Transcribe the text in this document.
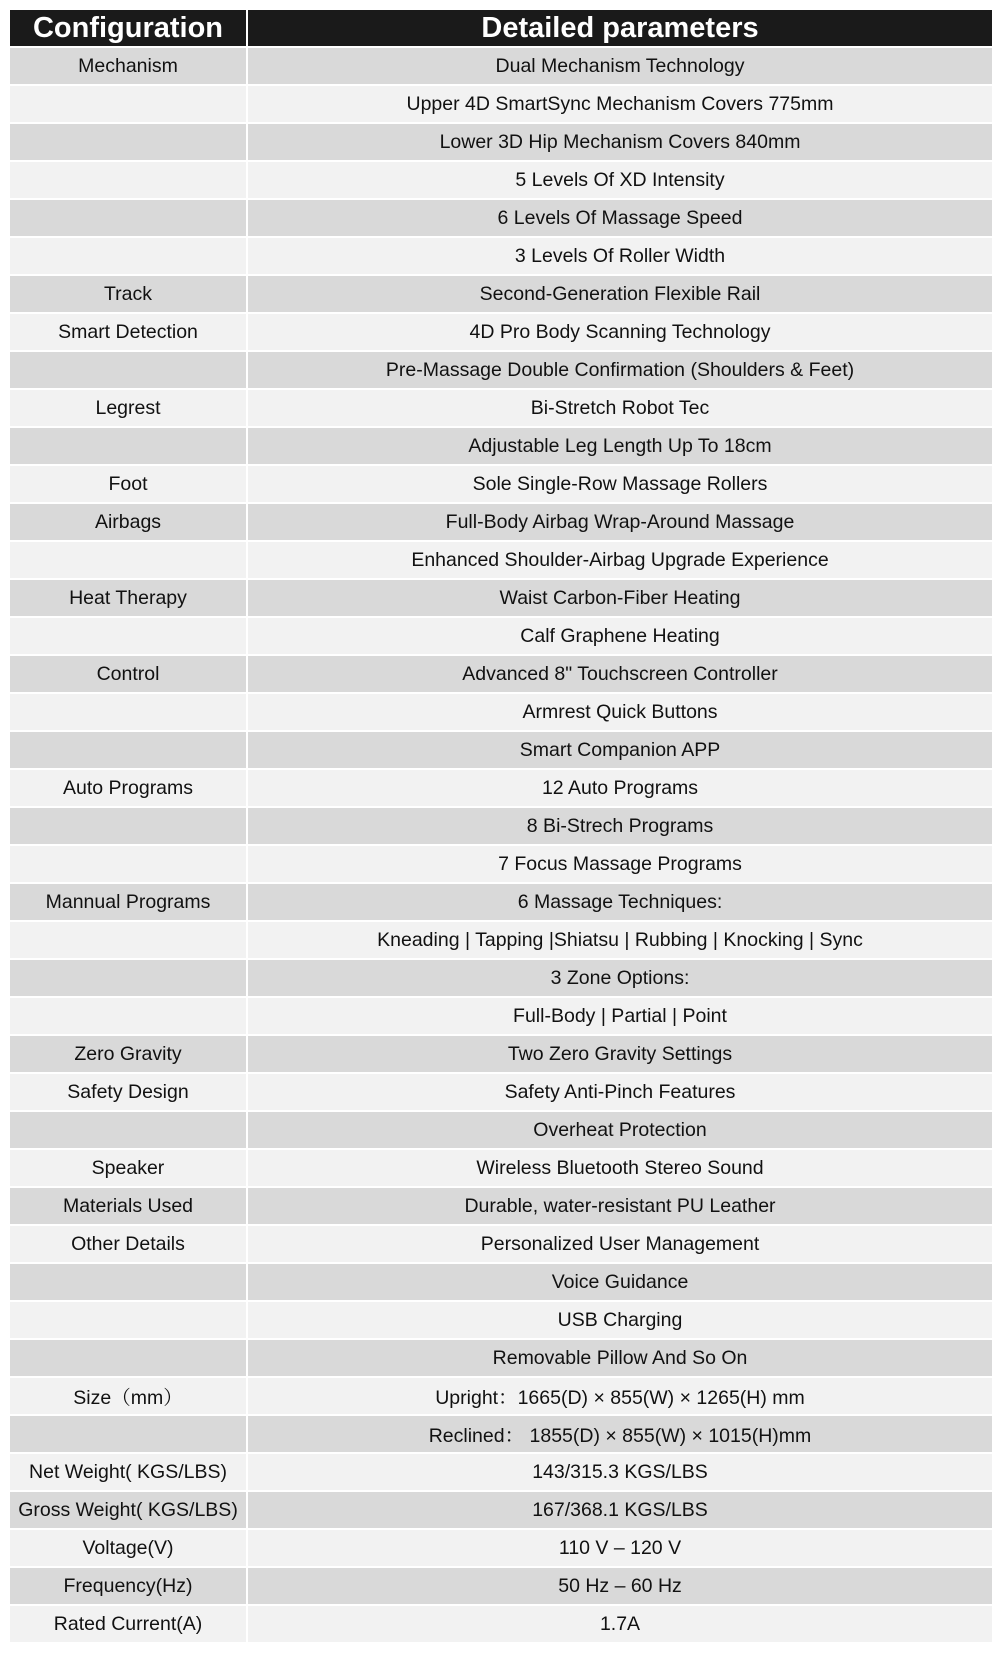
Configuration	Detailed parameters
Mechanism	Dual Mechanism Technology
	Upper 4D SmartSync Mechanism Covers 775mm
	Lower 3D Hip Mechanism Covers 840mm
	5 Levels Of XD Intensity
	6 Levels Of Massage Speed
	3 Levels Of Roller Width
Track	Second-Generation Flexible Rail
Smart Detection	4D Pro Body Scanning Technology
	Pre-Massage Double Confirmation (Shoulders & Feet)
Legrest	Bi-Stretch Robot Tec
	Adjustable Leg Length Up To 18cm
Foot	Sole Single-Row Massage Rollers
Airbags	Full-Body Airbag Wrap-Around Massage
	Enhanced Shoulder-Airbag Upgrade Experience
Heat Therapy	Waist Carbon-Fiber Heating
	Calf Graphene Heating
Control	Advanced 8" Touchscreen Controller
	Armrest Quick Buttons
	Smart Companion APP
Auto Programs	12 Auto Programs
	8 Bi-Strech Programs
	7 Focus Massage Programs
Mannual Programs	6 Massage Techniques:
	Kneading | Tapping |Shiatsu | Rubbing | Knocking | Sync
	3 Zone Options:
	Full-Body | Partial | Point
Zero Gravity	Two Zero Gravity Settings
Safety Design	Safety Anti-Pinch Features
	Overheat Protection
Speaker	Wireless Bluetooth Stereo Sound
Materials Used	Durable, water-resistant PU Leather
Other Details	Personalized User Management
	Voice Guidance
	USB Charging
	Removable Pillow And So On
Size（mm）	Upright：1665(D) × 855(W) × 1265(H) mm
	Reclined： 1855(D) × 855(W) × 1015(H)mm
Net Weight( KGS/LBS)	143/315.3 KGS/LBS
Gross Weight( KGS/LBS)	167/368.1 KGS/LBS
Voltage(V)	110 V – 120 V
Frequency(Hz)	50 Hz – 60 Hz
Rated Current(A)	1.7A
